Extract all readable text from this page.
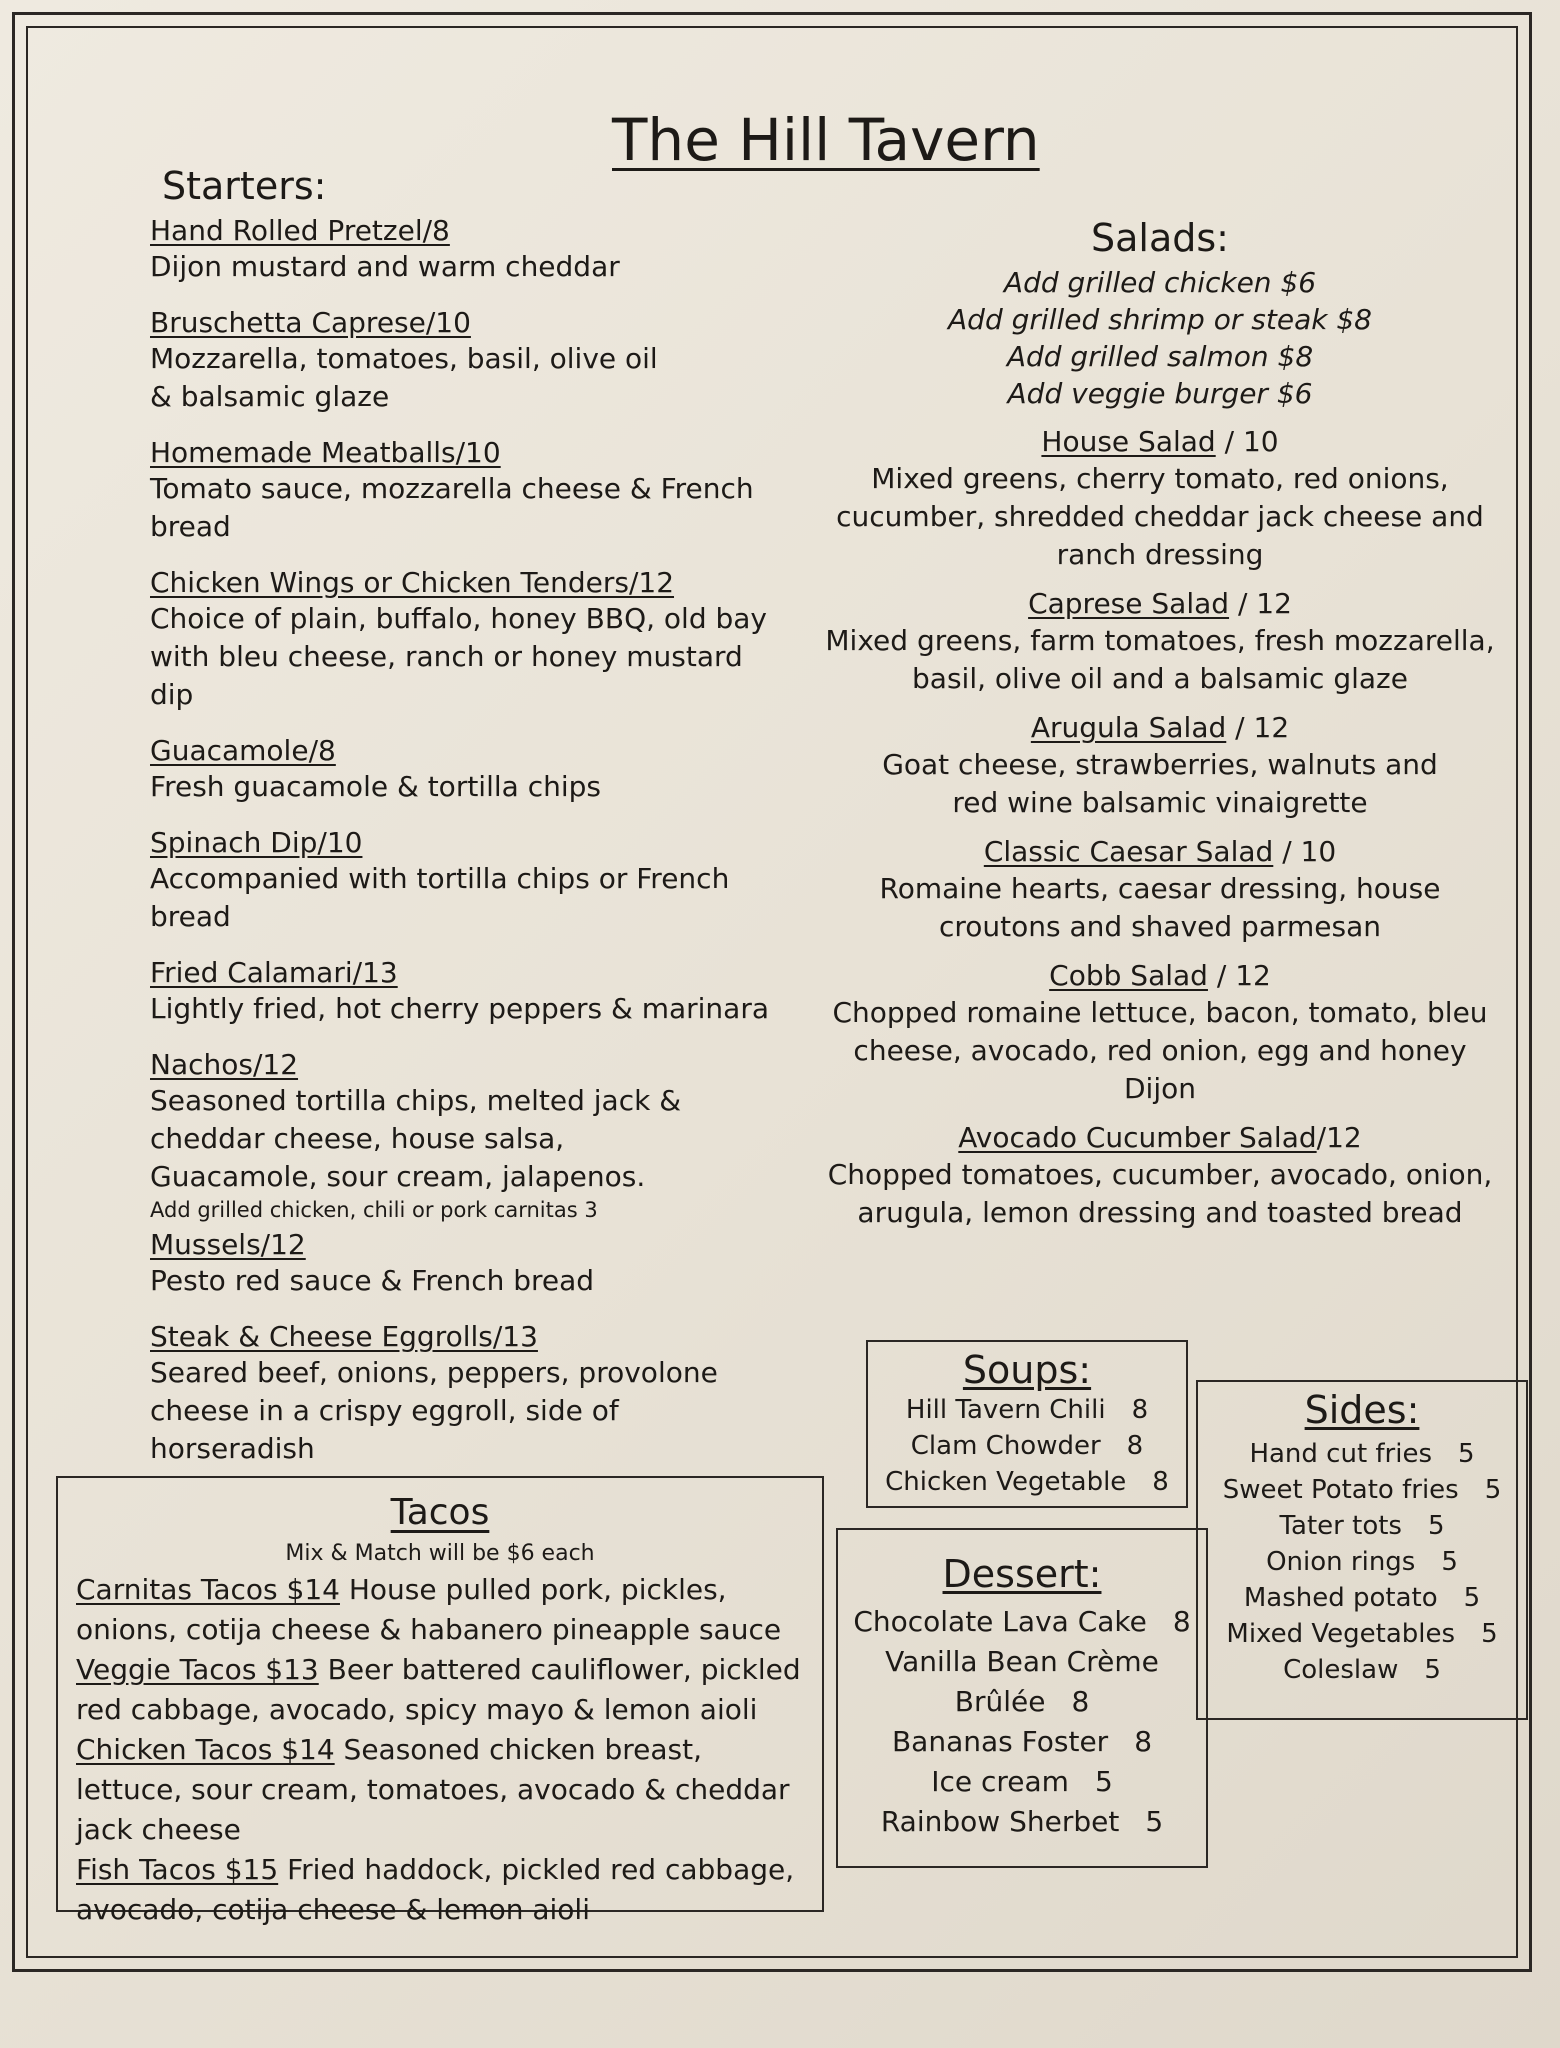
The Hill Tavern
Starters:
Hand Rolled Pretzel/8
Dijon mustard and warm cheddar
Bruschetta Caprese/10
Mozzarella, tomatoes, basil, olive oil & balsamic glaze
Homemade Meatballs/10
Tomato sauce, mozzarella cheese & French bread
Chicken Wings or Chicken Tenders/12
Choice of plain, buffalo, honey BBQ, old bay with bleu cheese, ranch or honey mustard dip
Guacamole/8
Fresh guacamole & tortilla chips
Spinach Dip/10
Accompanied with tortilla chips or French bread
Fried Calamari/13
Lightly fried, hot cherry peppers & marinara
Nachos/12
Seasoned tortilla chips, melted jack & cheddar cheese, house salsa, Guacamole, sour cream, jalapenos.
Add grilled chicken, chili or pork carnitas 3
Mussels/12
Pesto red sauce & French bread
Steak & Cheese Eggrolls/13
Seared beef, onions, peppers, provolone cheese in a crispy eggroll, side of horseradish
Salads:
Add grilled chicken $6
Add grilled shrimp or steak $8
Add grilled salmon $8
Add veggie burger $6
House Salad / 10
Mixed greens, cherry tomato, red onions, cucumber, shredded cheddar jack cheese and ranch dressing
Caprese Salad / 12
Mixed greens, farm tomatoes, fresh mozzarella, basil, olive oil and a balsamic glaze
Arugula Salad / 12
Goat cheese, strawberries, walnuts and red wine balsamic vinaigrette
Classic Caesar Salad / 10
Romaine hearts, caesar dressing, house croutons and shaved parmesan
Cobb Salad / 12
Chopped romaine lettuce, bacon, tomato, bleu cheese, avocado, red onion, egg and honey Dijon
Avocado Cucumber Salad/12
Chopped tomatoes, cucumber, avocado, onion, arugula, lemon dressing and toasted bread
Soups:
Hill Tavern Chili 8
Clam Chowder 8
Chicken Vegetable 8
Sides:
Hand cut fries 5
Sweet Potato fries 5
Tater tots 5
Onion rings 5
Mashed potato 5
Mixed Vegetables 5
Coleslaw 5
Dessert:
Chocolate Lava Cake 8
Vanilla Bean Crème
Brûlée 8
Bananas Foster 8
Ice cream 5
Rainbow Sherbet 5
Tacos
Mix & Match will be $6 each
Carnitas Tacos $14 House pulled pork, pickles, onions, cotija cheese & habanero pineapple sauce
Veggie Tacos $13 Beer battered cauliflower, pickled red cabbage, avocado, spicy mayo & lemon aioli
Chicken Tacos $14 Seasoned chicken breast, lettuce, sour cream, tomatoes, avocado & cheddar jack cheese
Fish Tacos $15 Fried haddock, pickled red cabbage, avocado, cotija cheese & lemon aioli
